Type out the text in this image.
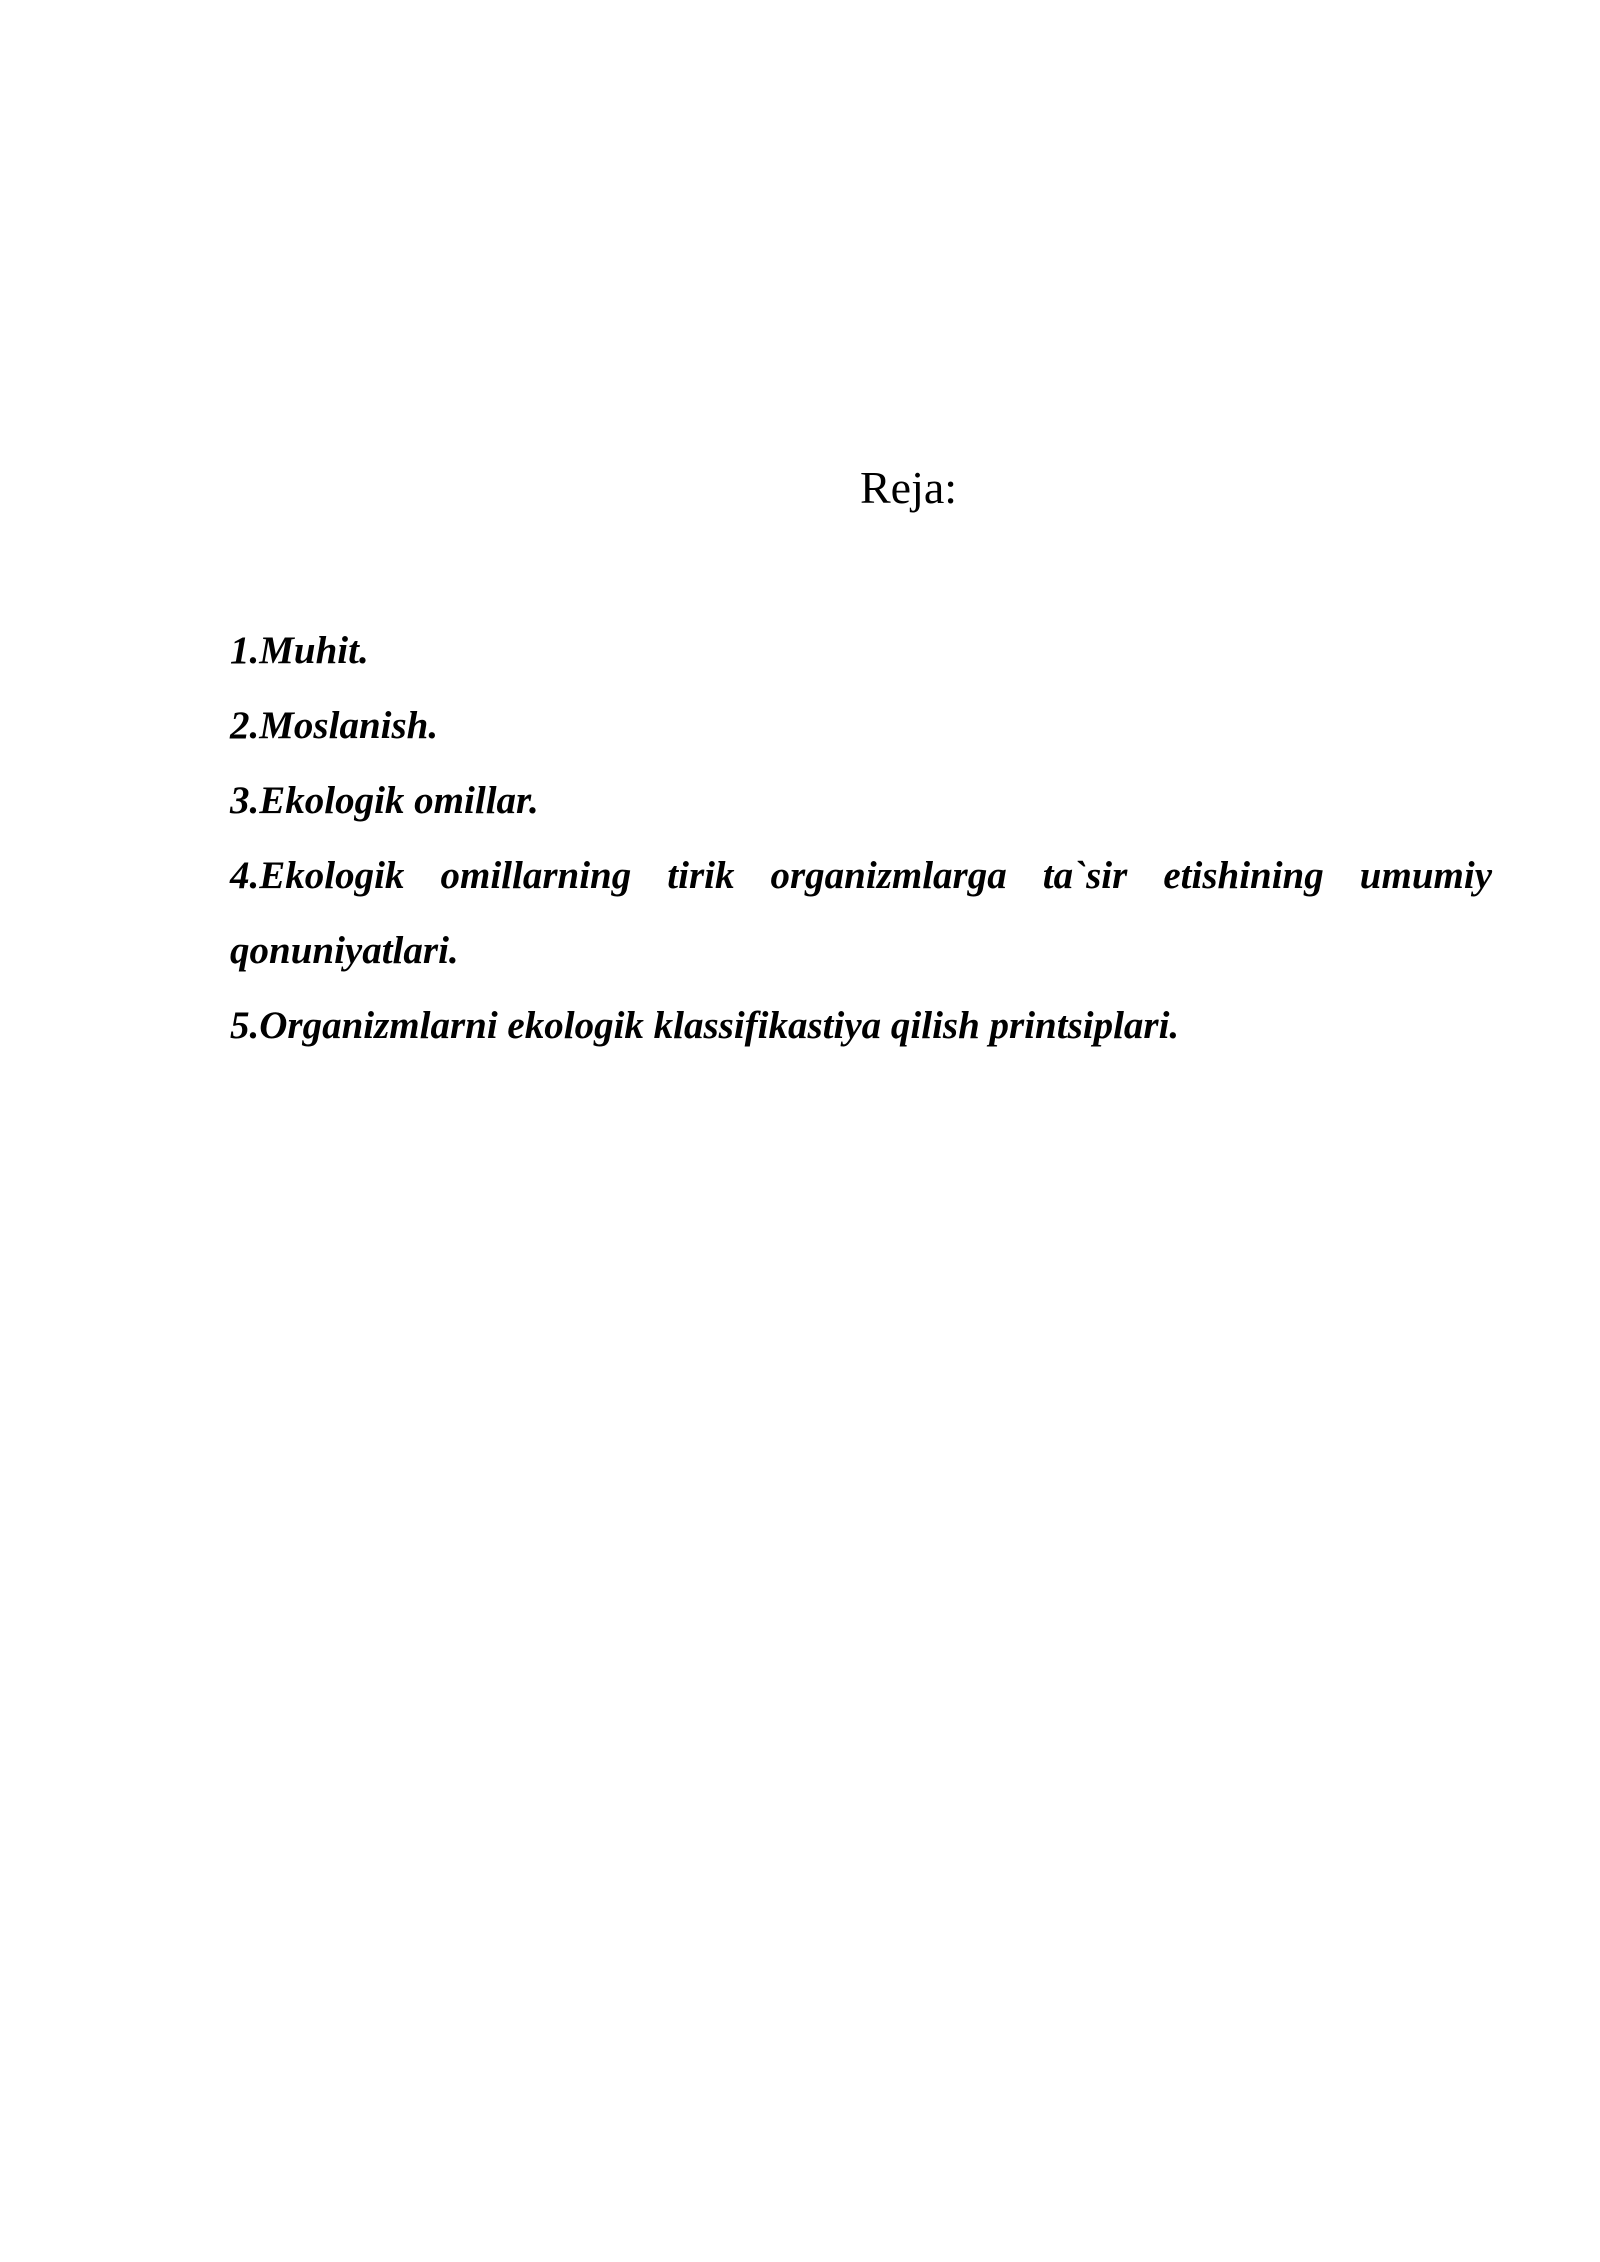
Reja:
1.Muhit.
2.Moslanish.
3.Ekologik omillar.
4.Ekologik omillarning tirik organizmlarga ta`sir etishining umumiy qonuniyatlari.
5.Organizmlarni ekologik klassifikastiya qilish printsiplari.
